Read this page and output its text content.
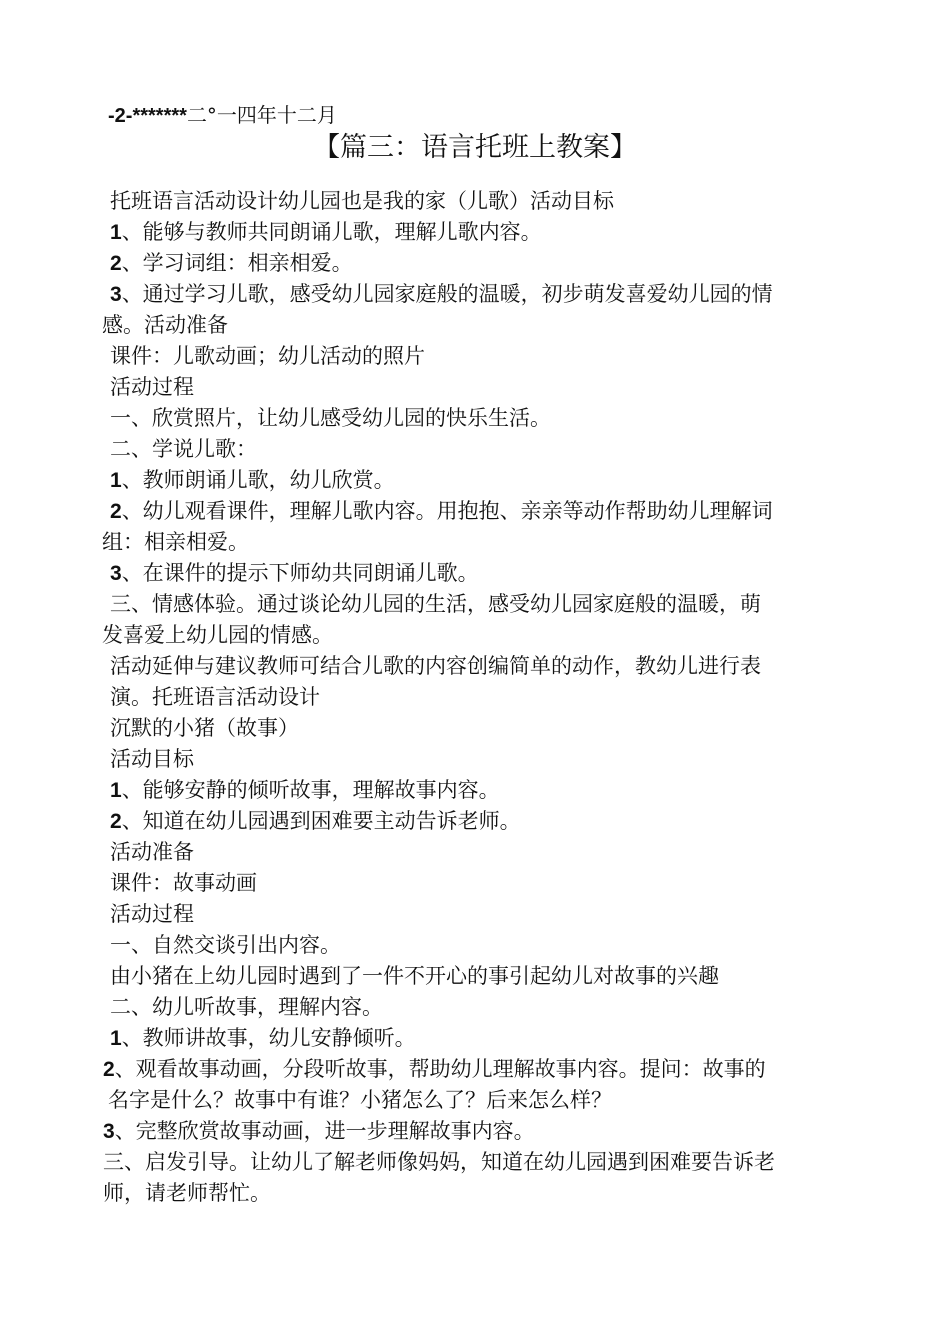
-2-*******二°一四年十二月
【篇三：语言托班上教案】
托班语言活动设计幼儿园也是我的家（儿歌）活动目标
1、能够与教师共同朗诵儿歌，理解儿歌内容。
2、学习词组：相亲相爱。
3、通过学习儿歌，感受幼儿园家庭般的温暖，初步萌发喜爱幼儿园的情
感。活动准备
课件：儿歌动画；幼儿活动的照片
活动过程
一、欣赏照片，让幼儿感受幼儿园的快乐生活。
二、学说儿歌：
1、教师朗诵儿歌，幼儿欣赏。
2、幼儿观看课件，理解儿歌内容。用抱抱、亲亲等动作帮助幼儿理解词
组：相亲相爱。
3、在课件的提示下师幼共同朗诵儿歌。
三、情感体验。通过谈论幼儿园的生活，感受幼儿园家庭般的温暖，萌
发喜爱上幼儿园的情感。
活动延伸与建议教师可结合儿歌的内容创编简单的动作，教幼儿进行表
演。托班语言活动设计
沉默的小猪（故事）
活动目标
1、能够安静的倾听故事，理解故事内容。
2、知道在幼儿园遇到困难要主动告诉老师。
活动准备
课件：故事动画
活动过程
一、自然交谈引出内容。
由小猪在上幼儿园时遇到了一件不开心的事引起幼儿对故事的兴趣
二、幼儿听故事，理解内容。
1、教师讲故事，幼儿安静倾听。
2、观看故事动画，分段听故事，帮助幼儿理解故事内容。提问：故事的
名字是什么？故事中有谁？小猪怎么了？后来怎么样？
3、完整欣赏故事动画，进一步理解故事内容。
三、启发引导。让幼儿了解老师像妈妈，知道在幼儿园遇到困难要告诉老
师，请老师帮忙。
